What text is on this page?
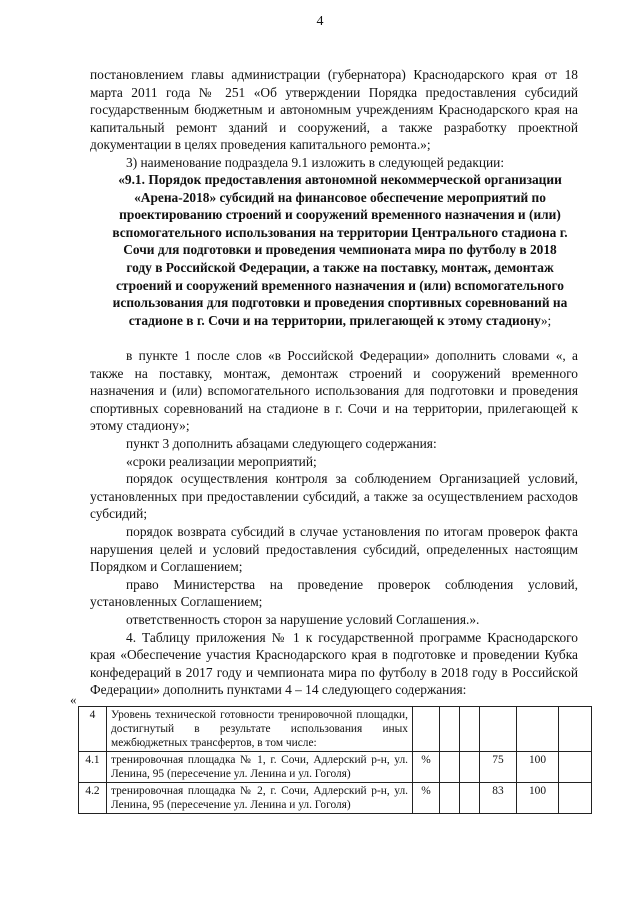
4

постановлением главы администрации (губернатора) Краснодарского края от 18 марта 2011 года № 251 «Об утверждении Порядка предоставления субсидий государственным бюджетным и автономным учреждениям Краснодарского края на капитальный ремонт зданий и сооружений, а также разработку проектной документации в целях проведения капитального ремонта.»;

3) наименование подраздела 9.1 изложить в следующей редакции:

«9.1. Порядок предоставления автономной некоммерческой организации «Арена-2018» субсидий на финансовое обеспечение мероприятий по проектированию строений и сооружений временного назначения и (или) вспомогательного использования на территории Центрального стадиона г. Сочи для подготовки и проведения чемпионата мира по футболу в 2018 году в Российской Федерации, а также на поставку, монтаж, демонтаж строений и сооружений временного назначения и (или) вспомогательного использования для подготовки и проведения спортивных соревнований на стадионе в г. Сочи и на территории, прилегающей к этому стадиону»;

в пункте 1 после слов «в Российской Федерации» дополнить словами «, а также на поставку, монтаж, демонтаж строений и сооружений временного назначения и (или) вспомогательного использования для подготовки и проведения спортивных соревнований на стадионе в г. Сочи и на территории, прилегающей к этому стадиону»;

пункт 3 дополнить абзацами следующего содержания:

«сроки реализации мероприятий;

порядок осуществления контроля за соблюдением Организацией условий, установленных при предоставлении субсидий, а также за осуществлением расходов субсидий;

порядок возврата субсидий в случае установления по итогам проверок факта нарушения целей и условий предоставления субсидий, определенных настоящим Порядком и Соглашением;

право Министерства на проведение проверок соблюдения условий, установленных Соглашением;

ответственность сторон за нарушение условий Соглашения.».

4. Таблицу приложения № 1 к государственной программе Краснодарского края «Обеспечение участия Краснодарского края в подготовке и проведении Кубка конфедераций в 2017 году и чемпионата мира по футболу в 2018 году в Российской Федерации» дополнить пунктами 4 – 14 следующего содержания:

«
4	Уровень технической готовности тренировочной площадки, достигнутый в результате использования иных межбюджетных трансфертов, в том числе:						
4.1	тренировочная площадка № 1, г. Сочи, Адлерский р-н, ул. Ленина, 95 (пересечение ул. Ленина и ул. Гоголя)	%			75	100	
4.2	тренировочная площадка № 2, г. Сочи, Адлерский р-н, ул. Ленина, 95 (пересечение ул. Ленина и ул. Гоголя)	%			83	100	
